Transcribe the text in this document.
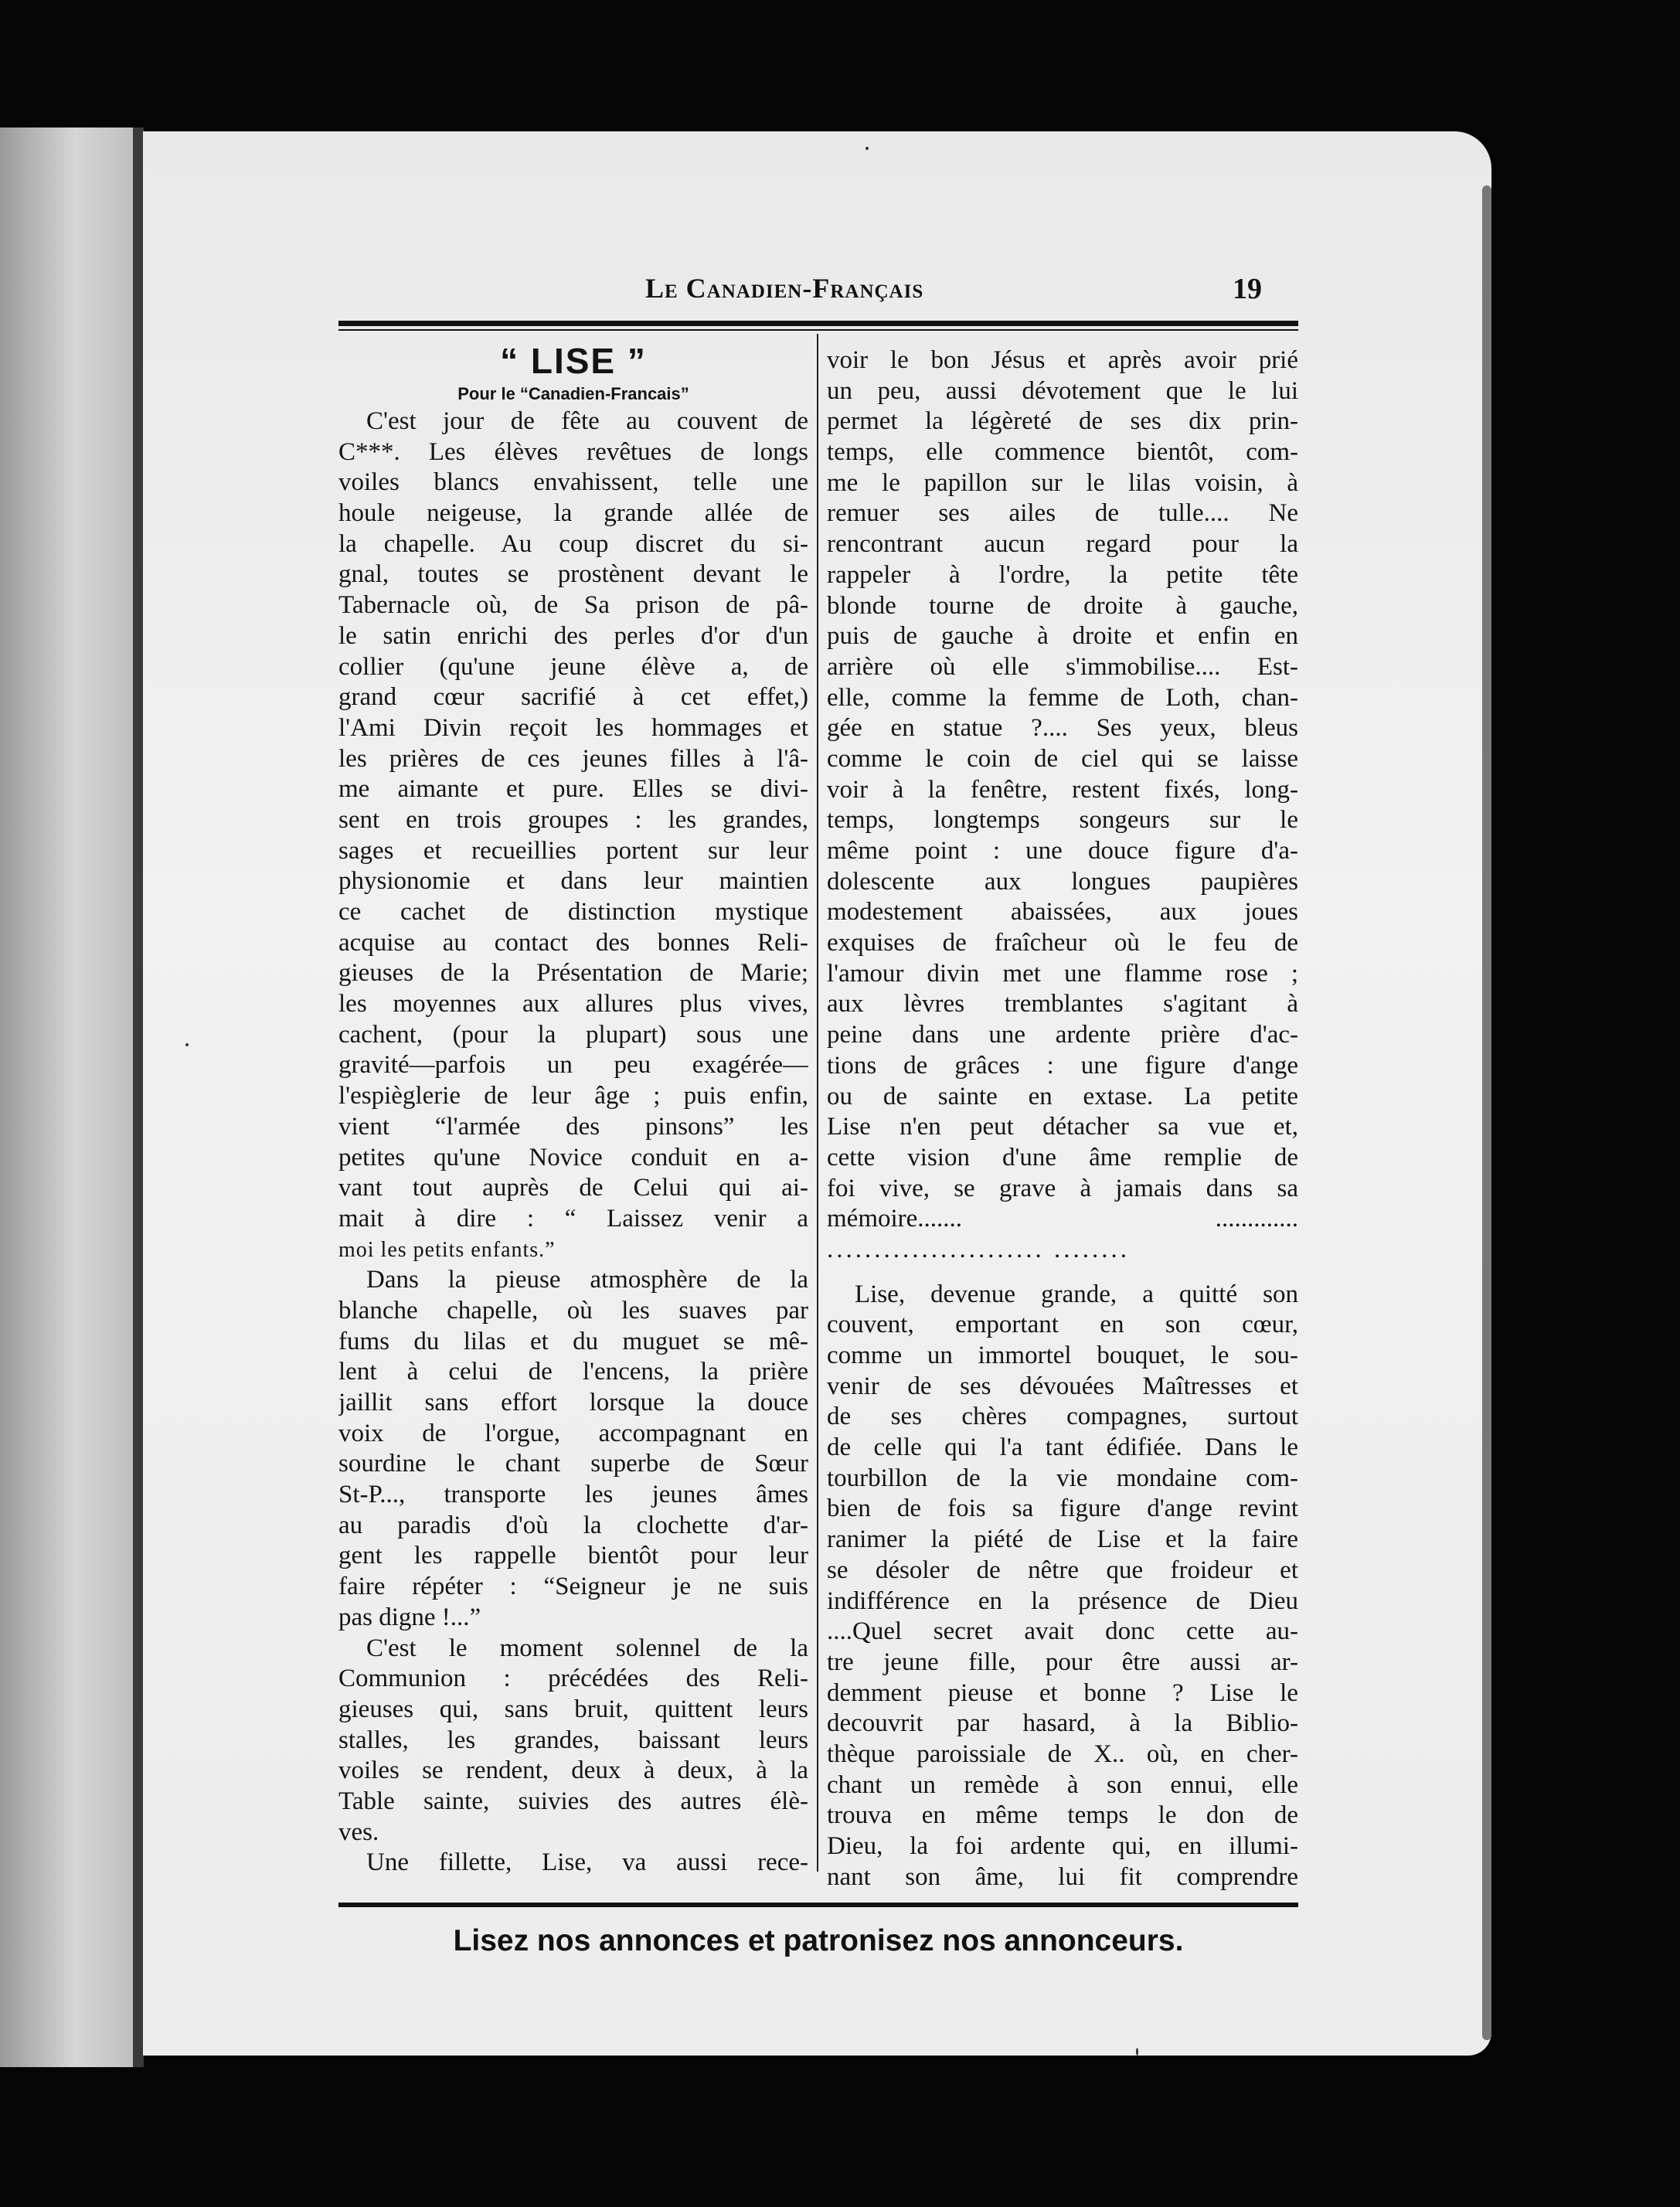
Le Canadien-Français	19
“ LISE ”
Pour le “Canadien-Francais”
C'est jour de fête au couvent de
C***. Les élèves revêtues de longs
voiles blancs envahissent, telle une
houle neigeuse, la grande allée de
la chapelle. Au coup discret du si-
gnal, toutes se prostènent devant le
Tabernacle où, de Sa prison de pâ-
le satin enrichi des perles d'or d'un
collier (qu'une jeune élève a, de
grand cœur sacrifié à cet effet,)
l'Ami Divin reçoit les hommages et
les prières de ces jeunes filles à l'â-
me aimante et pure. Elles se divi-
sent en trois groupes : les grandes,
sages et recueillies portent sur leur
physionomie et dans leur maintien
ce cachet de distinction mystique
acquise au contact des bonnes Reli-
gieuses de la Présentation de Marie;
les moyennes aux allures plus vives,
cachent, (pour la plupart) sous une
gravité—parfois un peu exagérée—
l'espièglerie de leur âge ; puis enfin,
vient “l'armée des pinsons” les
petites qu'une Novice conduit en a-
vant tout auprès de Celui qui ai-
mait à dire : “ Laissez venir a
moi les petits enfants.”
Dans la pieuse atmosphère de la
blanche chapelle, où les suaves par
fums du lilas et du muguet se mê-
lent à celui de l'encens, la prière
jaillit sans effort lorsque la douce
voix de l'orgue, accompagnant en
sourdine le chant superbe de Sœur
St-P..., transporte les jeunes âmes
au paradis d'où la clochette d'ar-
gent les rappelle bientôt pour leur
faire répéter : “Seigneur je ne suis
pas digne !...”
C'est le moment solennel de la
Communion : précédées des Reli-
gieuses qui, sans bruit, quittent leurs
stalles, les grandes, baissant leurs
voiles se rendent, deux à deux, à la
Table sainte, suivies des autres élè-
ves.
Une fillette, Lise, va aussi rece-
voir le bon Jésus et après avoir prié
un peu, aussi dévotement que le lui
permet la légèreté de ses dix prin-
temps, elle commence bientôt, com-
me le papillon sur le lilas voisin, à
remuer ses ailes de tulle.... Ne
rencontrant aucun regard pour la
rappeler à l'ordre, la petite tête
blonde tourne de droite à gauche,
puis de gauche à droite et enfin en
arrière où elle s'immobilise.... Est-
elle, comme la femme de Loth, chan-
gée en statue ?.... Ses yeux, bleus
comme le coin de ciel qui se laisse
voir à la fenêtre, restent fixés, long-
temps, longtemps songeurs sur le
même point : une douce figure d'a-
dolescente aux longues paupières
modestement abaissées, aux joues
exquises de fraîcheur où le feu de
l'amour divin met une flamme rose ;
aux lèvres tremblantes s'agitant à
peine dans une ardente prière d'ac-
tions de grâces : une figure d'ange
ou de sainte en extase. La petite
Lise n'en peut détacher sa vue et,
cette vision d'une âme remplie de
foi vive, se grave à jamais dans sa
mémoire....... .............
....................... ........
Lise, devenue grande, a quitté son
couvent, emportant en son cœur,
comme un immortel bouquet, le sou-
venir de ses dévouées Maîtresses et
de ses chères compagnes, surtout
de celle qui l'a tant édifiée. Dans le
tourbillon de la vie mondaine com-
bien de fois sa figure d'ange revint
ranimer la piété de Lise et la faire
se désoler de nêtre que froideur et
indifférence en la présence de Dieu
....Quel secret avait donc cette au-
tre jeune fille, pour être aussi ar-
demment pieuse et bonne ? Lise le
decouvrit par hasard, à la Biblio-
thèque paroissiale de X.. où, en cher-
chant un remède à son ennui, elle
trouva en même temps le don de
Dieu, la foi ardente qui, en illumi-
nant son âme, lui fit comprendre
Lisez nos annonces et patronisez nos annonceurs.
